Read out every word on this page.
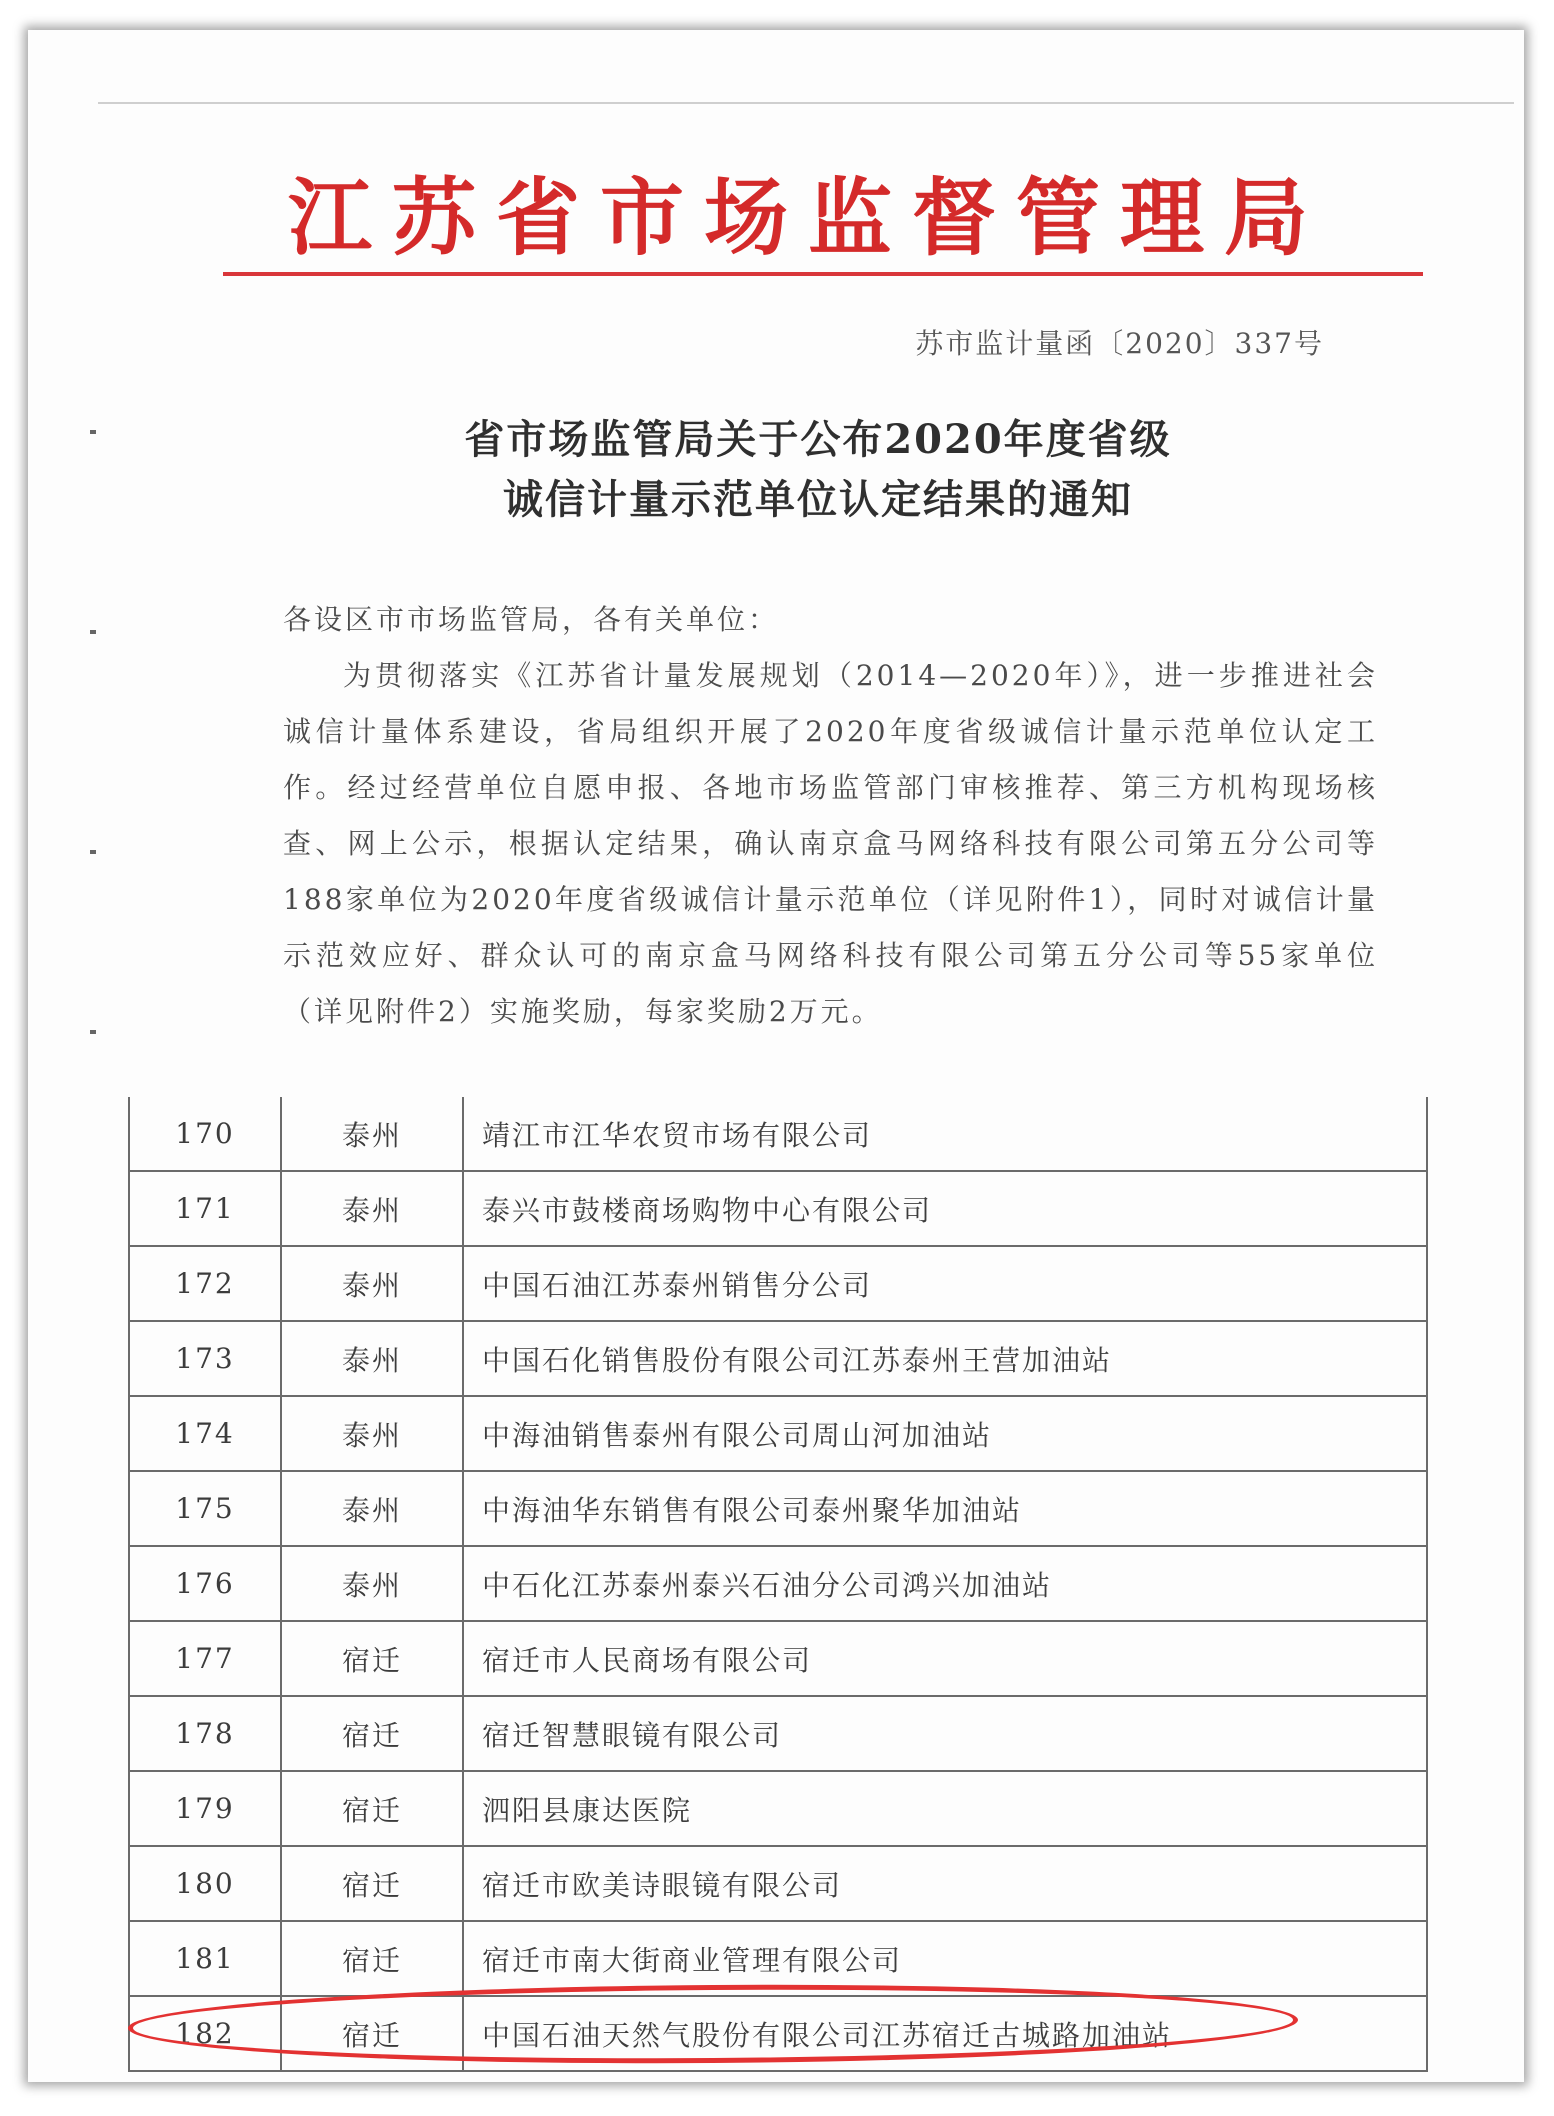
江苏省市场监督管理局
苏市监计量函〔2020〕337号
省市场监管局关于公布2020年度省级
诚信计量示范单位认定结果的通知

各设区市市场监管局，各有关单位：

为贯彻落实《江苏省计量发展规划（2014—2020年）》，进一步推进社会诚信计量体系建设，省局组织开展了2020年度省级诚信计量示范单位认定工作。经过经营单位自愿申报、各地市场监管部门审核推荐、第三方机构现场核查、网上公示，根据认定结果，确认南京盒马网络科技有限公司第五分公司等188家单位为2020年度省级诚信计量示范单位（详见附件1），同时对诚信计量示范效应好、群众认可的南京盒马网络科技有限公司第五分公司等55家单位（详见附件2）实施奖励，每家奖励2万元。

170	泰州	靖江市江华农贸市场有限公司
171	泰州	泰兴市鼓楼商场购物中心有限公司
172	泰州	中国石油江苏泰州销售分公司
173	泰州	中国石化销售股份有限公司江苏泰州王营加油站
174	泰州	中海油销售泰州有限公司周山河加油站
175	泰州	中海油华东销售有限公司泰州聚华加油站
176	泰州	中石化江苏泰州泰兴石油分公司鸿兴加油站
177	宿迁	宿迁市人民商场有限公司
178	宿迁	宿迁智慧眼镜有限公司
179	宿迁	泗阳县康达医院
180	宿迁	宿迁市欧美诗眼镜有限公司
181	宿迁	宿迁市南大街商业管理有限公司
182	宿迁	中国石油天然气股份有限公司江苏宿迁古城路加油站
